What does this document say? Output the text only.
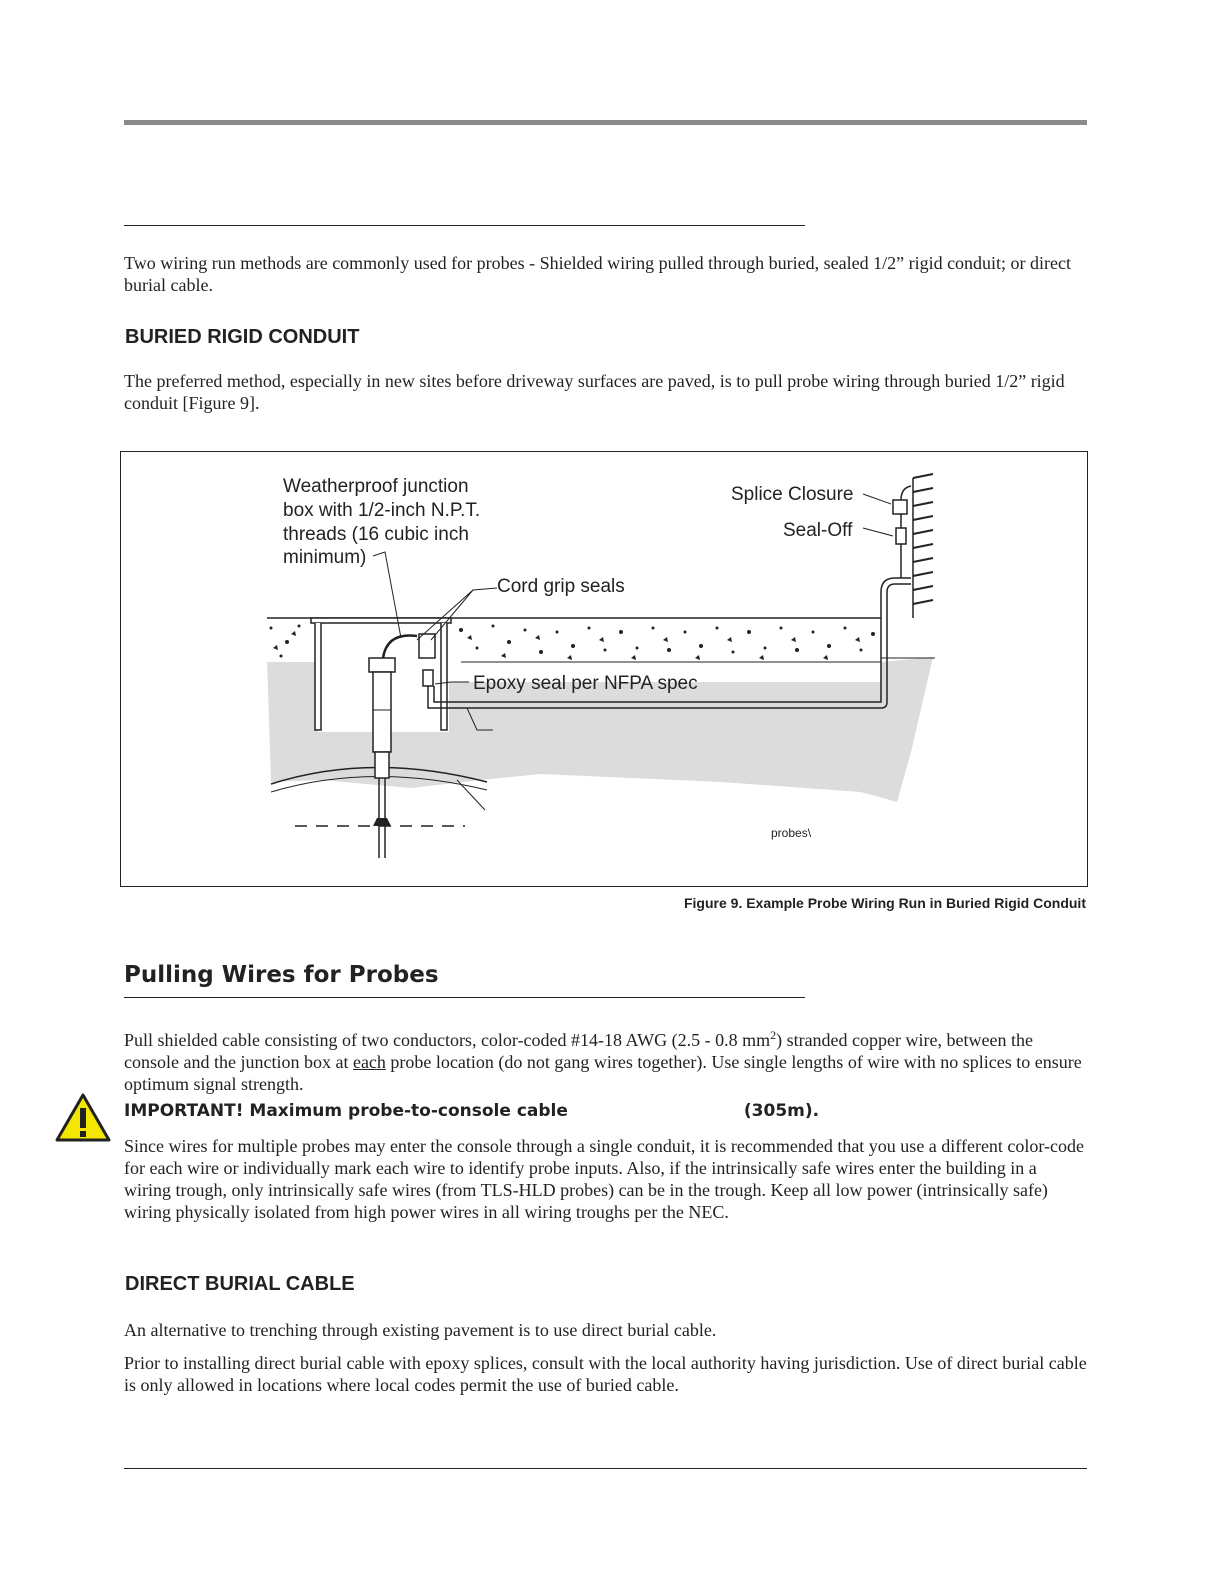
Two wiring run methods are commonly used for probes - Shielded wiring pulled through buried, sealed 1/2” rigid conduit; or direct burial cable.

BURIED RIGID CONDUIT

The preferred method, especially in new sites before driveway surfaces are paved, is to pull probe wiring through buried 1/2” rigid conduit [Figure 9].

Weatherproof junction
box with 1/2-inch N.P.T.
threads (16 cubic inch
minimum)
Splice Closure
Seal-Off
Cord grip seals
Epoxy seal per NFPA spec
probes\

Figure 9. Example Probe Wiring Run in Buried Rigid Conduit

Pulling Wires for Probes

Pull shielded cable consisting of two conductors, color-coded #14-18 AWG (2.5 - 0.8 $mm^2$) stranded copper wire, between the console and the junction box at each probe location (do not gang wires together). Use single lengths of wire with no splices to ensure optimum signal strength.

IMPORTANT! Maximum probe-to-console cable	(305m).

Since wires for multiple probes may enter the console through a single conduit, it is recommended that you use a different color-code for each wire or individually mark each wire to identify probe inputs. Also, if the intrinsically safe wires enter the building in a wiring trough, only intrinsically safe wires (from TLS-HLD probes) can be in the trough. Keep all low power (intrinsically safe) wiring physically isolated from high power wires in all wiring troughs per the NEC.

DIRECT BURIAL CABLE

An alternative to trenching through existing pavement is to use direct burial cable.

Prior to installing direct burial cable with epoxy splices, consult with the local authority having jurisdiction. Use of direct burial cable is only allowed in locations where local codes permit the use of buried cable.
